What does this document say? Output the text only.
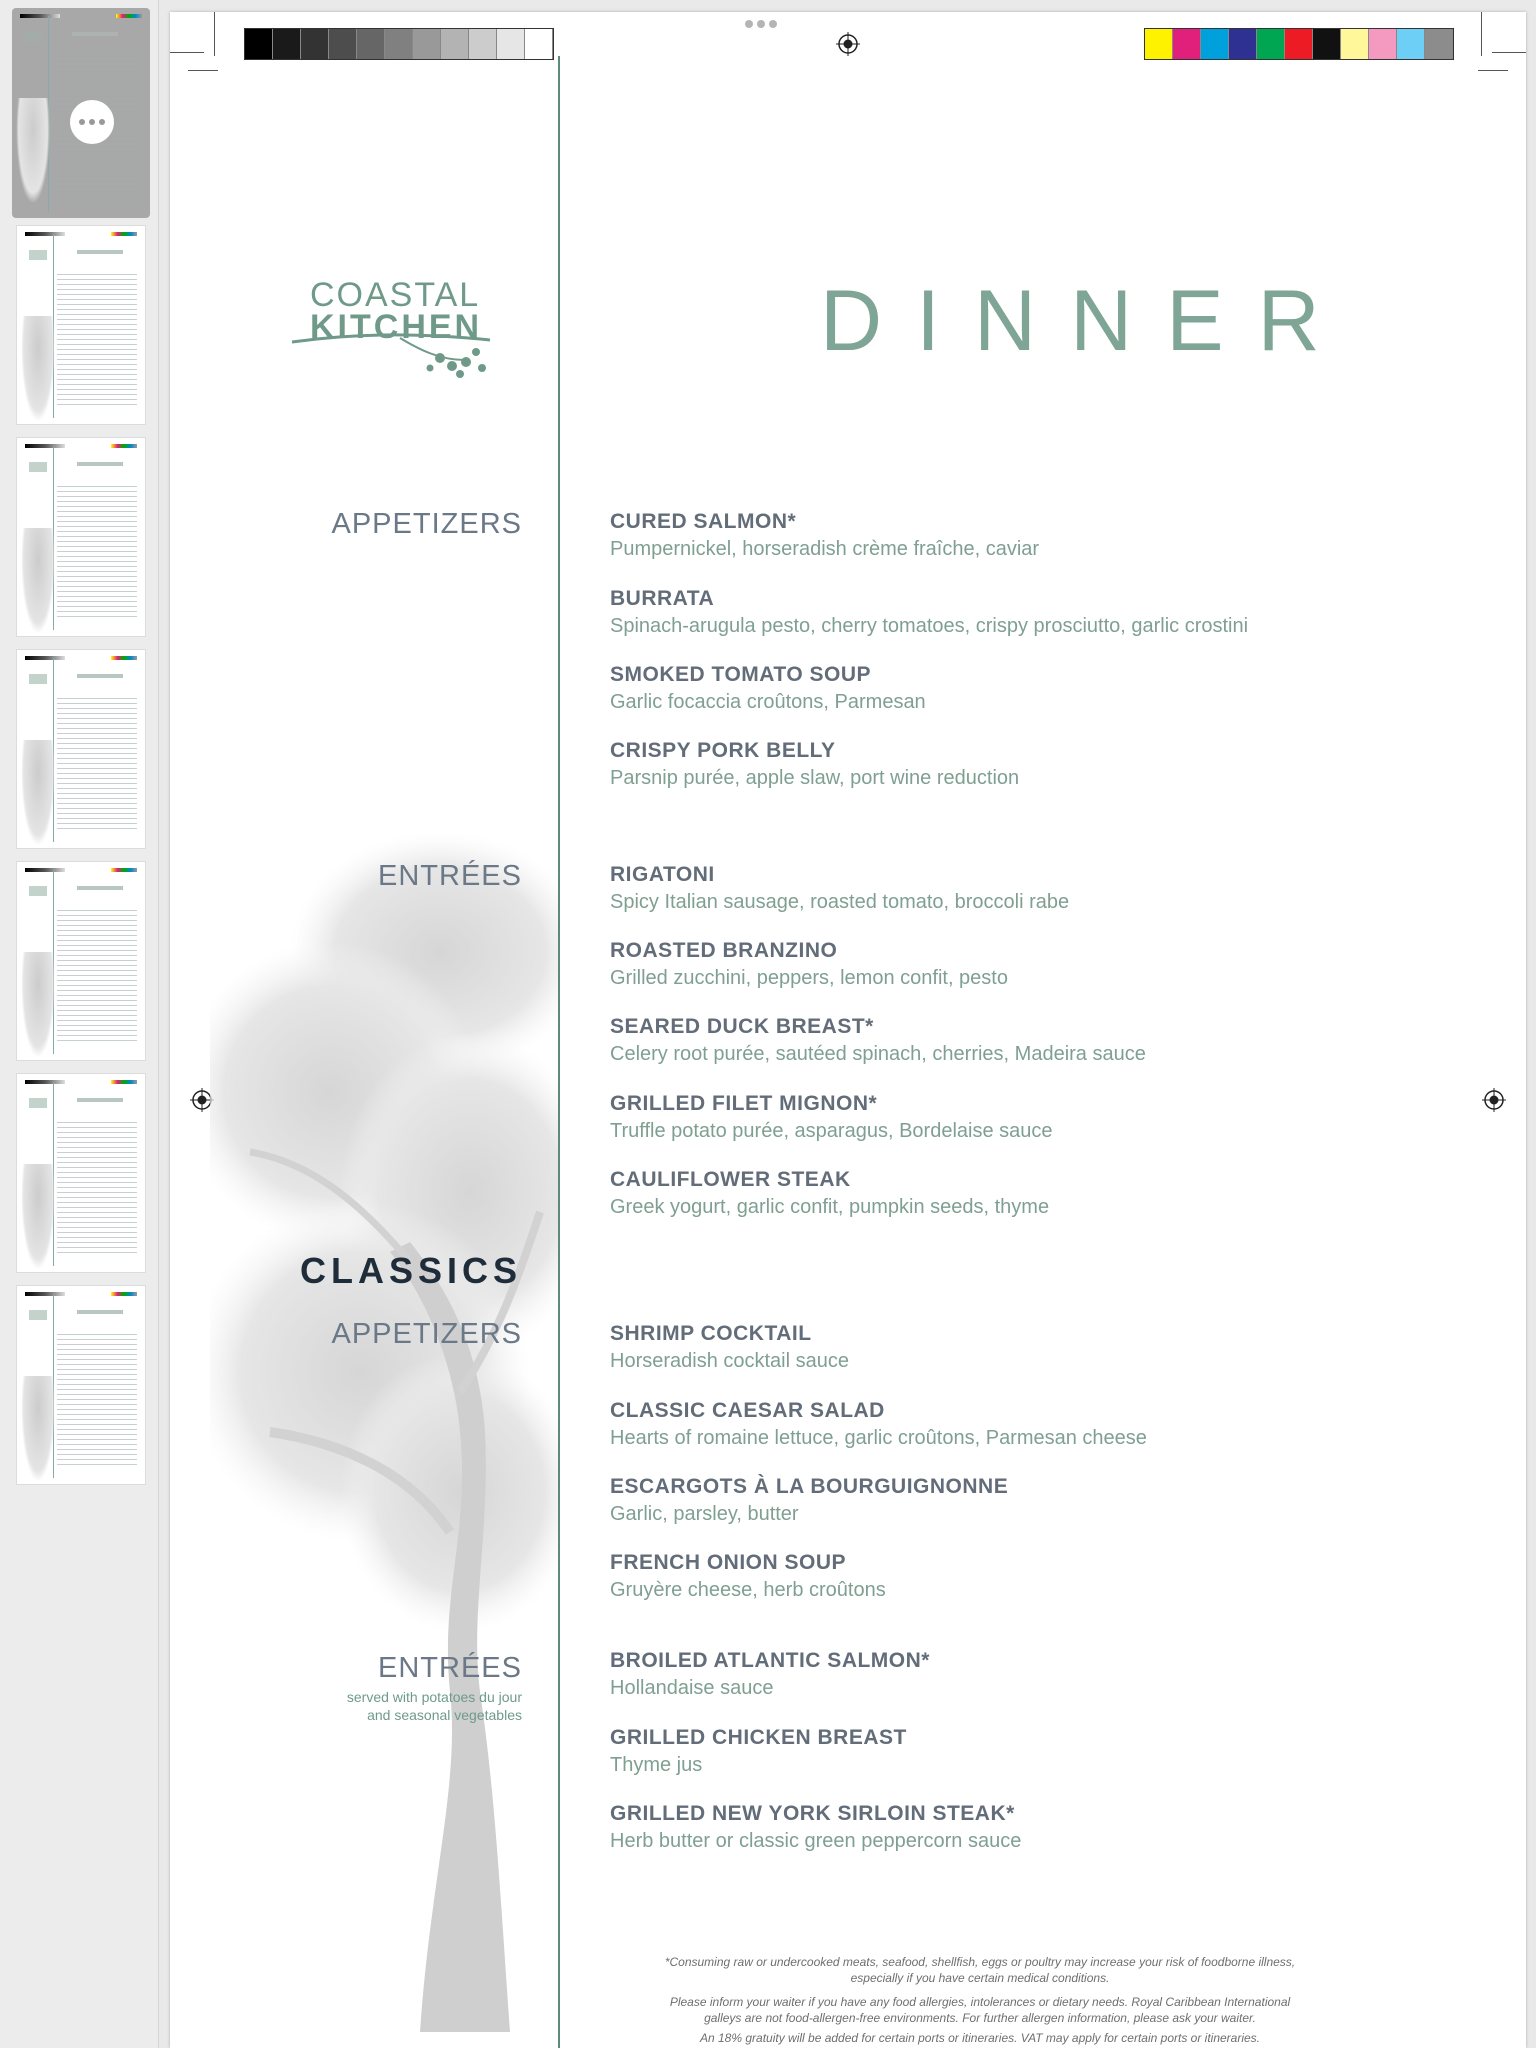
COASTAL
KITCHEN	DINNER
APPETIZERS
ENTRÉES
CLASSICS
APPETIZERS
ENTRÉES
served with potatoes du jour
and seasonal vegetables
CURED SALMON*
Pumpernickel, horseradish crème fraîche, caviar
BURRATA
Spinach-arugula pesto, cherry tomatoes, crispy prosciutto, garlic crostini
SMOKED TOMATO SOUP
Garlic focaccia croûtons, Parmesan
CRISPY PORK BELLY
Parsnip purée, apple slaw, port wine reduction
RIGATONI
Spicy Italian sausage, roasted tomato, broccoli rabe
ROASTED BRANZINO
Grilled zucchini, peppers, lemon confit, pesto
SEARED DUCK BREAST*
Celery root purée, sautéed spinach, cherries, Madeira sauce
GRILLED FILET MIGNON*
Truffle potato purée, asparagus, Bordelaise sauce
CAULIFLOWER STEAK
Greek yogurt, garlic confit, pumpkin seeds, thyme
SHRIMP COCKTAIL
Horseradish cocktail sauce
CLASSIC CAESAR SALAD
Hearts of romaine lettuce, garlic croûtons, Parmesan cheese
ESCARGOTS À LA BOURGUIGNONNE
Garlic, parsley, butter
FRENCH ONION SOUP
Gruyère cheese, herb croûtons
BROILED ATLANTIC SALMON*
Hollandaise sauce
GRILLED CHICKEN BREAST
Thyme jus
GRILLED NEW YORK SIRLOIN STEAK*
Herb butter or classic green peppercorn sauce
*Consuming raw or undercooked meats, seafood, shellfish, eggs or poultry may increase your risk of foodborne illness,
especially if you have certain medical conditions.
Please inform your waiter if you have any food allergies, intolerances or dietary needs. Royal Caribbean International
galleys are not food-allergen-free environments. For further allergen information, please ask your waiter.
An 18% gratuity will be added for certain ports or itineraries. VAT may apply for certain ports or itineraries.
